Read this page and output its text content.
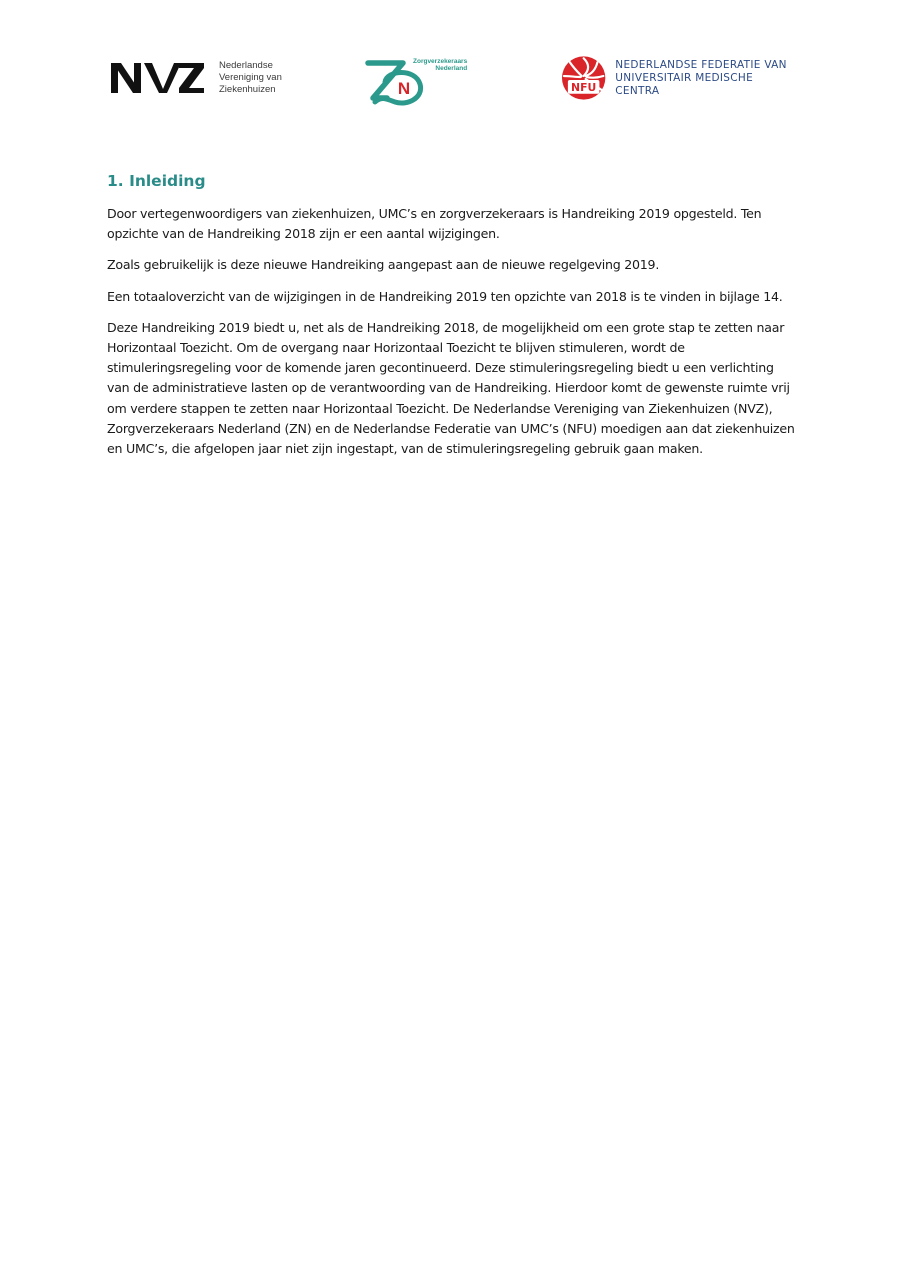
Nederlandse
Vereniging van
Ziekenhuizen	N
Zorgverzekeraars
Nederland
NFU
NEDERLANDSE FEDERATIE VAN
UNIVERSITAIR MEDISCHE CENTRA
1. Inleiding

Door vertegenwoordigers van ziekenhuizen, UMC’s en zorgverzekeraars is Handreiking 2019 opgesteld. Ten opzichte van de Handreiking 2018 zijn er een aantal wijzigingen.

Zoals gebruikelijk is deze nieuwe Handreiking aangepast aan de nieuwe regelgeving 2019.

Een totaaloverzicht van de wijzigingen in de Handreiking 2019 ten opzichte van 2018 is te vinden in bijlage 14.

Deze Handreiking 2019 biedt u, net als de Handreiking 2018, de mogelijkheid om een grote stap te zetten naar Horizontaal Toezicht. Om de overgang naar Horizontaal Toezicht te blijven stimuleren, wordt de stimuleringsregeling voor de komende jaren gecontinueerd. Deze stimuleringsregeling biedt u een verlichting van de administratieve lasten op de verantwoording van de Handreiking. Hierdoor komt de gewenste ruimte vrij om verdere stappen te zetten naar Horizontaal Toezicht. De Nederlandse Vereniging van Ziekenhuizen (NVZ), Zorgverzekeraars Nederland (ZN) en de Nederlandse Federatie van UMC’s (NFU) moedigen aan dat ziekenhuizen en UMC’s, die afgelopen jaar niet zijn ingestapt, van de stimuleringsregeling gebruik gaan maken.
